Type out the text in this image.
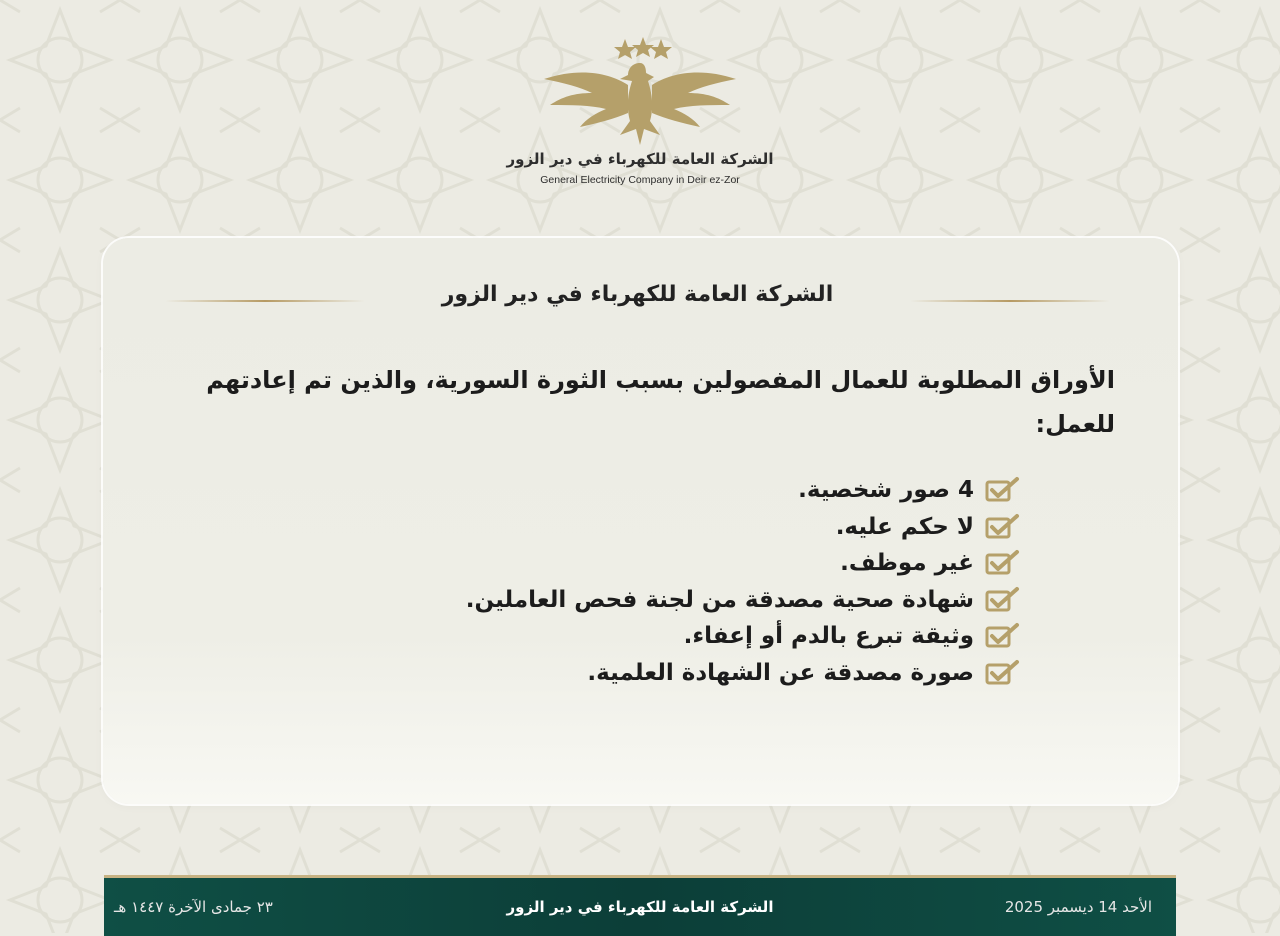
الشركة العامة للكهرباء في دير الزور
General Electricity Company in Deir ez-Zor
الشركة العامة للكهرباء في دير الزور
الأوراق المطلوبة للعمال المفصولين بسبب الثورة السورية، والذين تم إعادتهم للعمل:
4 صور شخصية.
لا حكم عليه.
غير موظف.
شهادة صحية مصدقة من لجنة فحص العاملين.
وثيقة تبرع بالدم أو إعفاء.
صورة مصدقة عن الشهادة العلمية.
الأحد 14 ديسمبر 2025
الشركة العامة للكهرباء في دير الزور
٢٣ جمادى الآخرة ١٤٤٧ هـ
